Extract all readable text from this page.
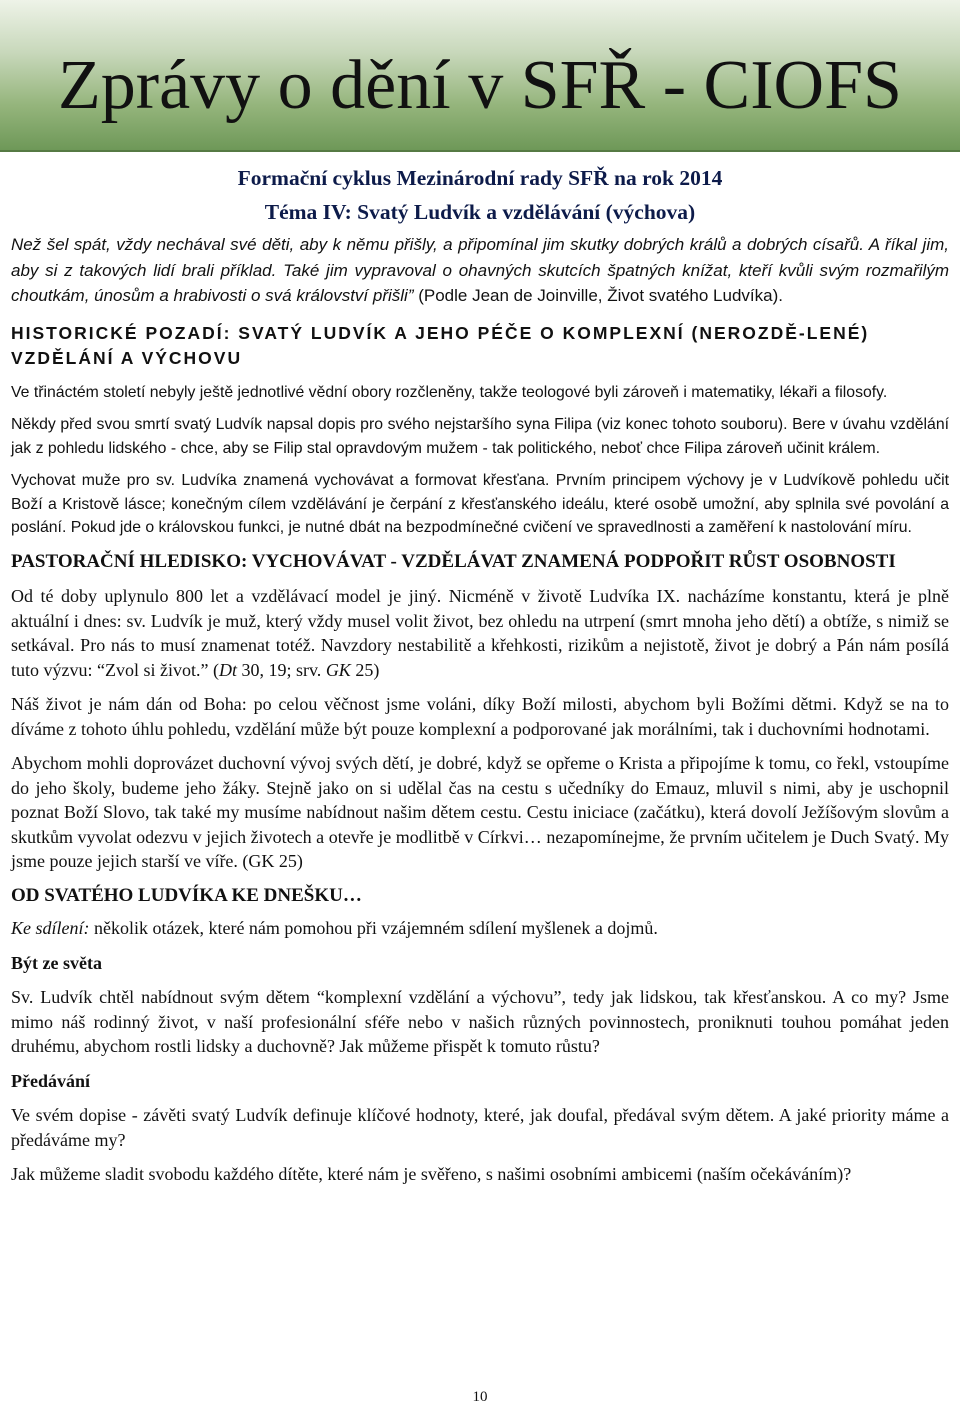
Zprávy o dění v SFŘ - CIOFS

Formační cyklus Mezinárodní rady SFŘ na rok 2014

Téma IV: Svatý Ludvík a vzdělávání (výchova)

Než šel spát, vždy nechával své děti, aby k němu přišly, a připomínal jim skutky dobrých králů a dobrých císařů. A říkal jim, aby si z takových lidí brali příklad. Také jim vypravoval o ohavných skutcích špatných knížat, kteří kvůli svým rozmařilým choutkám, únosům a hrabivosti o svá království přišli” (Podle Jean de Joinville, Život svatého Ludvíka).

HISTORICKÉ POZADÍ: SVATÝ LUDVÍK A JEHO PÉČE O KOMPLEXNÍ (NEROZDĚ-LENÉ) VZDĚLÁNÍ A VÝCHOVU

Ve třináctém století nebyly ještě jednotlivé vědní obory rozčleněny, takže teologové byli zároveň i matematiky, lékaři a filosofy.

Někdy před svou smrtí svatý Ludvík napsal dopis pro svého nejstaršího syna Filipa (viz konec tohoto souboru). Bere v úvahu vzdělání jak z pohledu lidského - chce, aby se Filip stal opravdovým mužem - tak politického, neboť chce Filipa zároveň učinit králem.

Vychovat muže pro sv. Ludvíka znamená vychovávat a formovat křesťana. Prvním principem výchovy je v Ludvíkově pohledu učit Boží a Kristově lásce; konečným cílem vzdělávání je čerpání z křesťanského ideálu, které osobě umožní, aby splnila své povolání a poslání. Pokud jde o královskou funkci, je nutné dbát na bezpodmínečné cvičení ve spravedlnosti a zaměření k nastolování míru.

PASTORAČNÍ HLEDISKO: VYCHOVÁVAT - VZDĚLÁVAT ZNAMENÁ PODPOŘIT RŮST OSOBNOSTI

Od té doby uplynulo 800 let a vzdělávací model je jiný. Nicméně v životě Ludvíka IX. nacházíme konstantu, která je plně aktuální i dnes: sv. Ludvík je muž, který vždy musel volit život, bez ohledu na utrpení (smrt mnoha jeho dětí) a obtíže, s nimiž se setkával. Pro nás to musí znamenat totéž. Navzdory nestabilitě a křehkosti, rizikům a nejistotě, život je dobrý a Pán nám posílá tuto výzvu: “Zvol si život.” (Dt 30, 19; srv. GK 25)

Náš život je nám dán od Boha: po celou věčnost jsme voláni, díky Boží milosti, abychom byli Božími dětmi. Když se na to díváme z tohoto úhlu pohledu, vzdělání může být pouze komplexní a podporované jak morálními, tak i duchovními hodnotami.

Abychom mohli doprovázet duchovní vývoj svých dětí, je dobré, když se opřeme o Krista a připojíme k tomu, co řekl, vstoupíme do jeho školy, budeme jeho žáky. Stejně jako on si udělal čas na cestu s učedníky do Emauz, mluvil s nimi, aby je uschopnil poznat Boží Slovo, tak také my musíme nabídnout našim dětem cestu. Cestu iniciace (začátku), která dovolí Ježíšovým slovům a skutkům vyvolat odezvu v jejich životech a otevře je modlitbě v Církvi… nezapomínejme, že prvním učitelem je Duch Svatý. My jsme pouze jejich starší ve víře. (GK 25)

OD SVATÉHO LUDVÍKA KE DNEŠKU…

Ke sdílení: několik otázek, které nám pomohou při vzájemném sdílení myšlenek a dojmů.

Být ze světa

Sv. Ludvík chtěl nabídnout svým dětem “komplexní vzdělání a výchovu”, tedy jak lidskou, tak křesťanskou. A co my? Jsme mimo náš rodinný život, v naší profesionální sféře nebo v našich různých povinnostech, proniknuti touhou pomáhat jeden druhému, abychom rostli lidsky a duchovně? Jak můžeme přispět k tomuto růstu?

Předávání

Ve svém dopise - závěti svatý Ludvík definuje klíčové hodnoty, které, jak doufal, předával svým dětem. A jaké priority máme a předáváme my?

Jak můžeme sladit svobodu každého dítěte, které nám je svěřeno, s našimi osobními ambicemi (naším očekáváním)?

10
